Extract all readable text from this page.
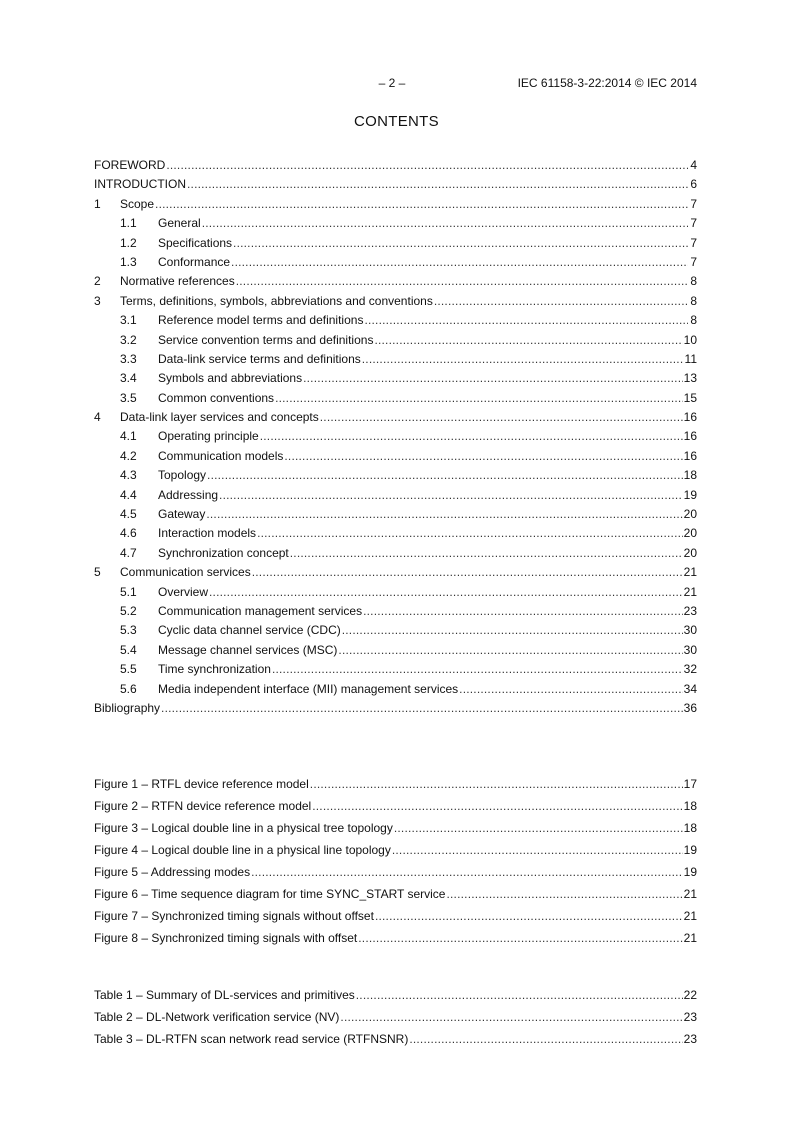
– 2 –	IEC 61158-3-22:2014 © IEC 2014
CONTENTS
FOREWORD .....	4
INTRODUCTION .....	6
1	Scope .....	7
1.1	General .....	7
1.2	Specifications .....	7
1.3	Conformance .....	7
2	Normative references .....	8
3	Terms, definitions, symbols, abbreviations and conventions .....	8
3.1	Reference model terms and definitions .....	8
3.2	Service convention terms and definitions .....	10
3.3	Data-link service terms and definitions .....	11
3.4	Symbols and abbreviations .....	13
3.5	Common conventions .....	15
4	Data-link layer services and concepts .....	16
4.1	Operating principle .....	16
4.2	Communication models .....	16
4.3	Topology .....	18
4.4	Addressing .....	19
4.5	Gateway .....	20
4.6	Interaction models .....	20
4.7	Synchronization concept .....	20
5	Communication services .....	21
5.1	Overview .....	21
5.2	Communication management services .....	23
5.3	Cyclic data channel service (CDC) .....	30
5.4	Message channel services (MSC) .....	30
5.5	Time synchronization .....	32
5.6	Media independent interface (MII) management services .....	34
Bibliography .....	36
Figure 1 – RTFL device reference model .....	17
Figure 2 – RTFN device reference model .....	18
Figure 3 – Logical double line in a physical tree topology .....	18
Figure 4 – Logical double line in a physical line topology .....	19
Figure 5 – Addressing modes .....	19
Figure 6 – Time sequence diagram for time SYNC_START service .....	21
Figure 7 – Synchronized timing signals without offset .....	21
Figure 8 – Synchronized timing signals with offset .....	21
Table 1 – Summary of DL-services and primitives .....	22
Table 2 – DL-Network verification service (NV) .....	23
Table 3 – DL-RTFN scan network read service (RTFNSNR) .....	23
